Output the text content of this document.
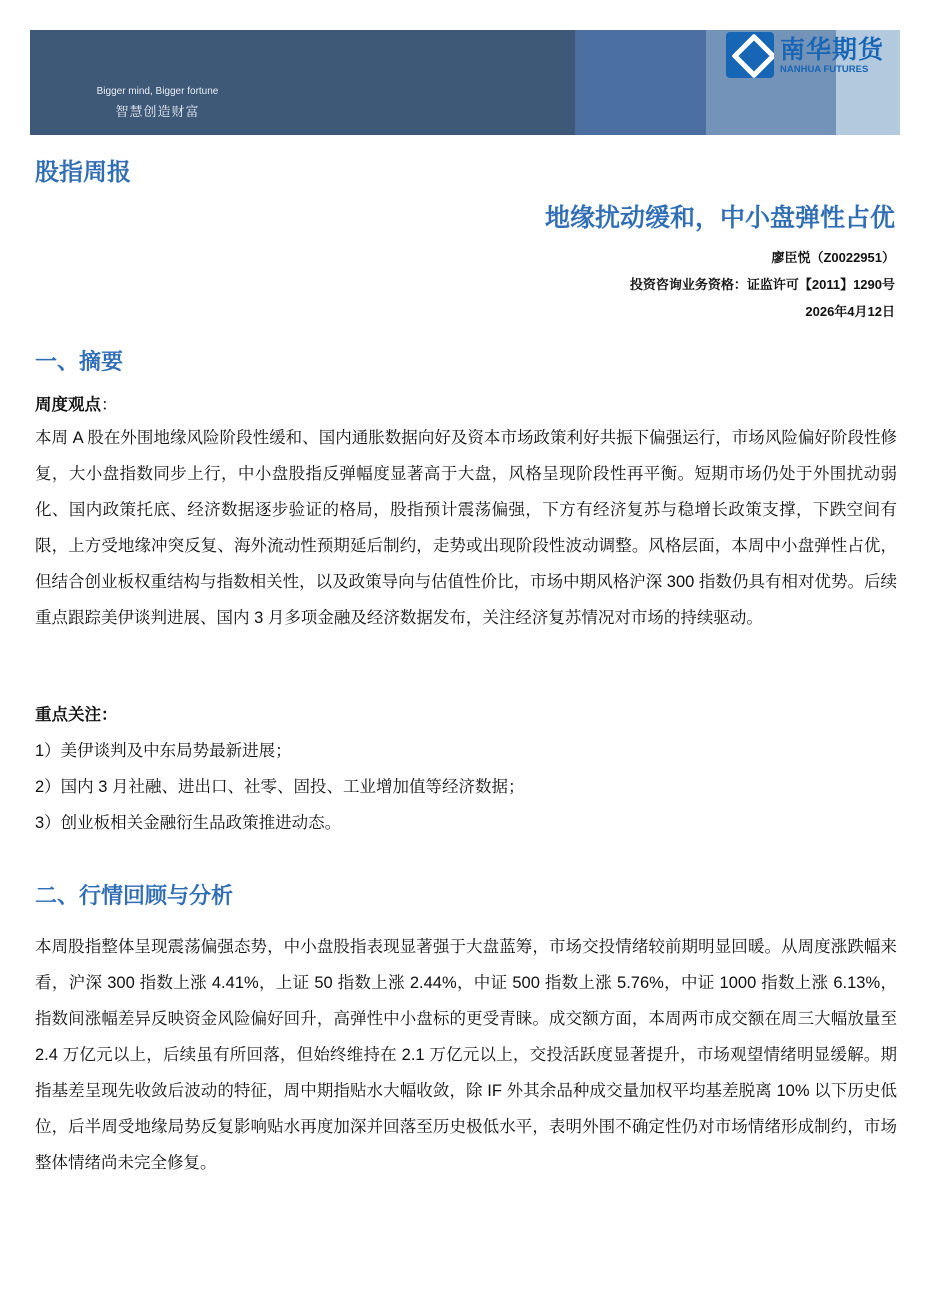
Bigger mind, Bigger fortune
智慧创造财富
南华期货
NANHUA FUTURES
股指周报
地缘扰动缓和，中小盘弹性占优
廖臣悦（Z0022951）
投资咨询业务资格：证监许可【2011】1290号
2026年4月12日
一、摘要
周度观点：
本周 A 股在外围地缘风险阶段性缓和、国内通胀数据向好及资本市场政策利好共振下偏强运行，市场风险偏好阶段性修复，大小盘指数同步上行，中小盘股指反弹幅度显著高于大盘，风格呈现阶段性再平衡。短期市场仍处于外围扰动弱化、国内政策托底、经济数据逐步验证的格局，股指预计震荡偏强，下方有经济复苏与稳增长政策支撑，下跌空间有限，上方受地缘冲突反复、海外流动性预期延后制约，走势或出现阶段性波动调整。风格层面，本周中小盘弹性占优，但结合创业板权重结构与指数相关性，以及政策导向与估值性价比，市场中期风格沪深 300 指数仍具有相对优势。后续重点跟踪美伊谈判进展、国内 3 月多项金融及经济数据发布，关注经济复苏情况对市场的持续驱动。
重点关注：
1）美伊谈判及中东局势最新进展；
2）国内 3 月社融、进出口、社零、固投、工业增加值等经济数据；
3）创业板相关金融衍生品政策推进动态。
二、行情回顾与分析
本周股指整体呈现震荡偏强态势，中小盘股指表现显著强于大盘蓝筹，市场交投情绪较前期明显回暖。从周度涨跌幅来看，沪深 300 指数上涨 4.41%，上证 50 指数上涨 2.44%，中证 500 指数上涨 5.76%，中证 1000 指数上涨 6.13%，指数间涨幅差异反映资金风险偏好回升，高弹性中小盘标的更受青睐。成交额方面，本周两市成交额在周三大幅放量至 2.4 万亿元以上，后续虽有所回落，但始终维持在 2.1 万亿元以上，交投活跃度显著提升，市场观望情绪明显缓解。期指基差呈现先收敛后波动的特征，周中期指贴水大幅收敛，除 IF 外其余品种成交量加权平均基差脱离 10% 以下历史低位，后半周受地缘局势反复影响贴水再度加深并回落至历史极低水平，表明外围不确定性仍对市场情绪形成制约，市场整体情绪尚未完全修复。
